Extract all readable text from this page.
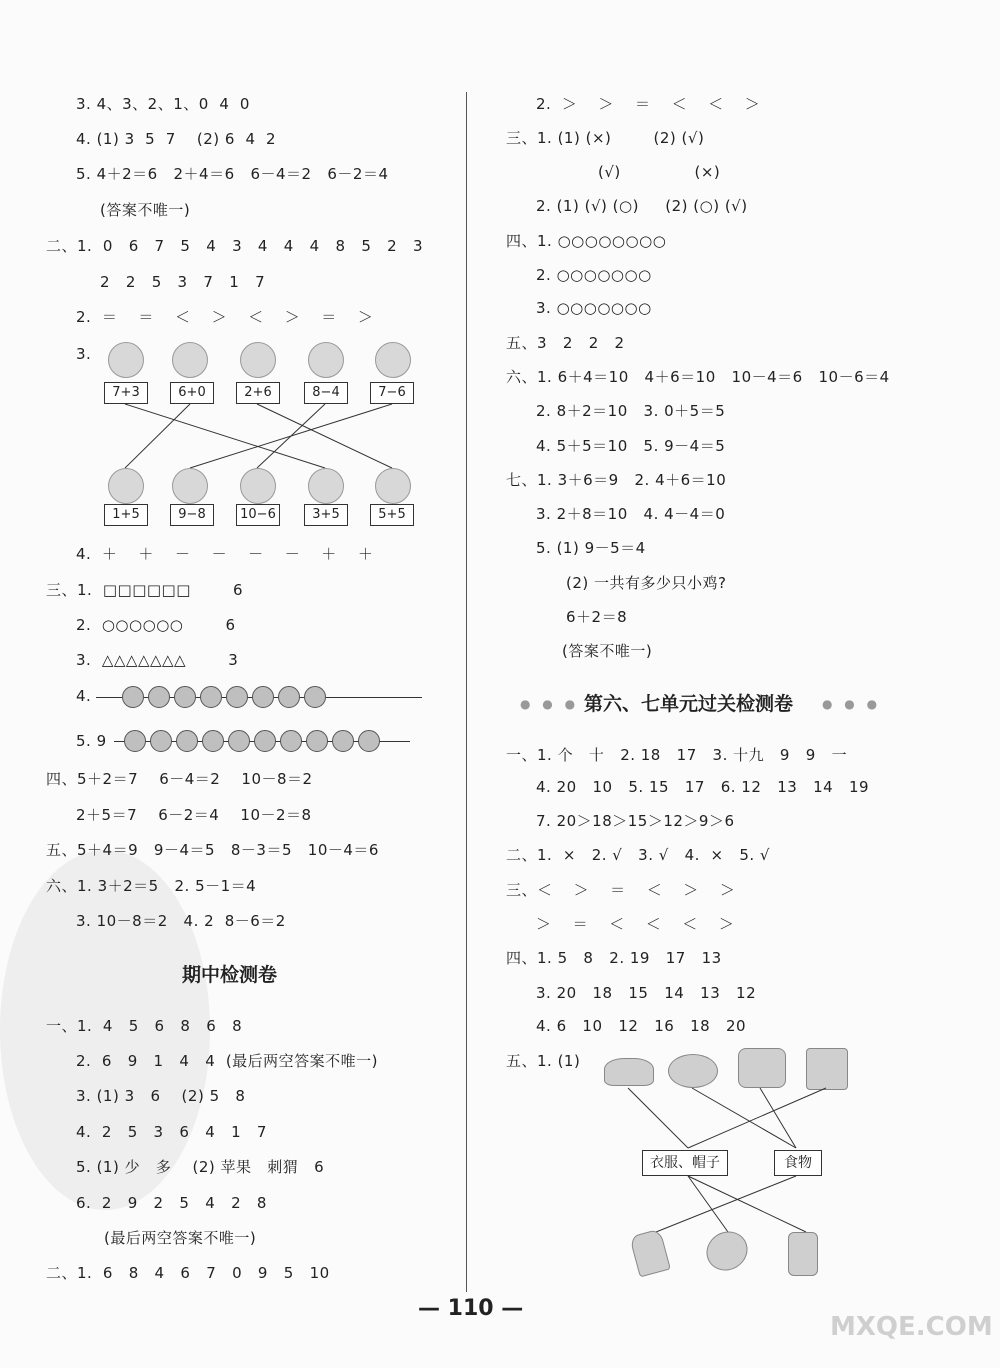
3. 4、3、2、1、0  4  0
4. (1) 3  5  7    (2) 6  4  2
5. 4＋2＝6   2＋4＝6   6－4＝2   6－2＝4
(答案不唯一)
二、1.  0   6   7   5   4   3   4   4   4   8   5   2   3
2   2   5   3   7   1   7
2.  ＝    ＝    ＜    ＞    ＜    ＞    ＝    ＞
3.
7+3	6+0	2+6	8−4	7−6
1+5	9−8	10−6	3+5	5+5
4.  ＋    ＋    －    －    －    －    ＋    ＋
三、1.  □□□□□□        6
2.  ○○○○○○        6
3.  △△△△△△△        3
4.
5. 9
四、5＋2＝7    6－4＝2    10－8＝2
2＋5＝7    6－2＝4    10－2＝8
五、5＋4＝9   9－4＝5   8－3＝5   10－4＝6
六、1. 3＋2＝5   2. 5－1＝4
3. 10－8＝2   4. 2  8－6＝2
期中检测卷
一、1.  4   5   6   8   6   8
2.  6   9   1   4   4  (最后两空答案不唯一)
3. (1) 3   6    (2) 5   8
4.  2   5   3   6   4   1   7
5. (1) 少   多    (2) 苹果   刺猬   6
6.  2   9   2   5   4   2   8
(最后两空答案不唯一)
二、1.  6   8   4   6   7   0   9   5   10
2.  ＞    ＞    ＝    ＜    ＜    ＞
三、1. (1) (×)        (2) (√)
(√)              (×)
2. (1) (√) (○)     (2) (○) (√)
四、1. ○○○○○○○○
2. ○○○○○○○
3. ○○○○○○○
五、3   2   2   2
六、1. 6＋4＝10   4＋6＝10   10－4＝6   10－6＝4
2. 8＋2＝10   3. 0＋5＝5
4. 5＋5＝10   5. 9－4＝5
七、1. 3＋6＝9   2. 4＋6＝10
3. 2＋8＝10   4. 4－4＝0
5. (1) 9－5＝4
(2) 一共有多少只小鸡?
6＋2＝8
(答案不唯一)
● ● ● 第六、七单元过关检测卷 ● ● ●
一、1. 个   十   2. 18   17   3. 十九   9   9   一
4. 20   10   5. 15   17   6. 12   13   14   19
7. 20＞18＞15＞12＞9＞6
二、1.  ×   2. √   3. √   4.  ×   5. √
三、＜    ＞    ＝    ＜    ＞    ＞
＞    ＝    ＜    ＜    ＜    ＞
四、1. 5   8   2. 19   17   13
3. 20   18   15   14   13   12
4. 6   10   12   16   18   20
五、1. (1)
衣服、帽子	食物
— 110 —
MXQE.COM
